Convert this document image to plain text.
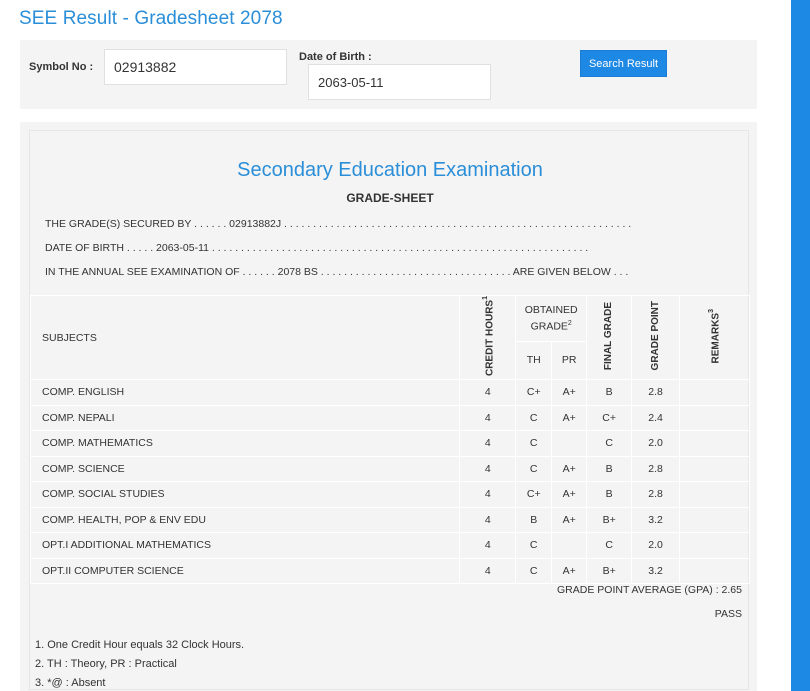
SEE Result - Gradesheet 2078
Symbol No :
02913882
Date of Birth :
2063-05-11
Search Result
Secondary Education Examination
GRADE-SHEET
THE GRADE(S) SECURED BY . . . . . . 02913882J . . . . . . . . . . . . . . . . . . . . . . . . . . . . . . . . . . . . . . . . . . . . . . . . . . . . . . . . . . . .
DATE OF BIRTH . . . . . 2063-05-11 . . . . . . . . . . . . . . . . . . . . . . . . . . . . . . . . . . . . . . . . . . . . . . . . . . . . . . . . . . . . . . . . .
IN THE ANNUAL SEE EXAMINATION OF . . . . . . 2078 BS . . . . . . . . . . . . . . . . . . . . . . . . . . . . . . . . . ARE GIVEN BELOW . . .
SUBJECTS	CREDIT HOURS$^1$	OBTAINED GRADE$^2$		FINAL GRADE	GRADE POINT	REMARKS$^3$
		TH	PR			
COMP. ENGLISH	4	C+	A+	B	2.8	
COMP. NEPALI	4	C	A+	C+	2.4	
COMP. MATHEMATICS	4	C		C	2.0	
COMP. SCIENCE	4	C	A+	B	2.8	
COMP. SOCIAL STUDIES	4	C+	A+	B	2.8	
COMP. HEALTH, POP & ENV EDU	4	B	A+	B+	3.2	
OPT.I ADDITIONAL MATHEMATICS	4	C		C	2.0	
OPT.II COMPUTER SCIENCE	4	C	A+	B+	3.2	
GRADE POINT AVERAGE (GPA) : 2.65
PASS
1. One Credit Hour equals 32 Clock Hours.
2. TH : Theory, PR : Practical
3. *@ : Absent
